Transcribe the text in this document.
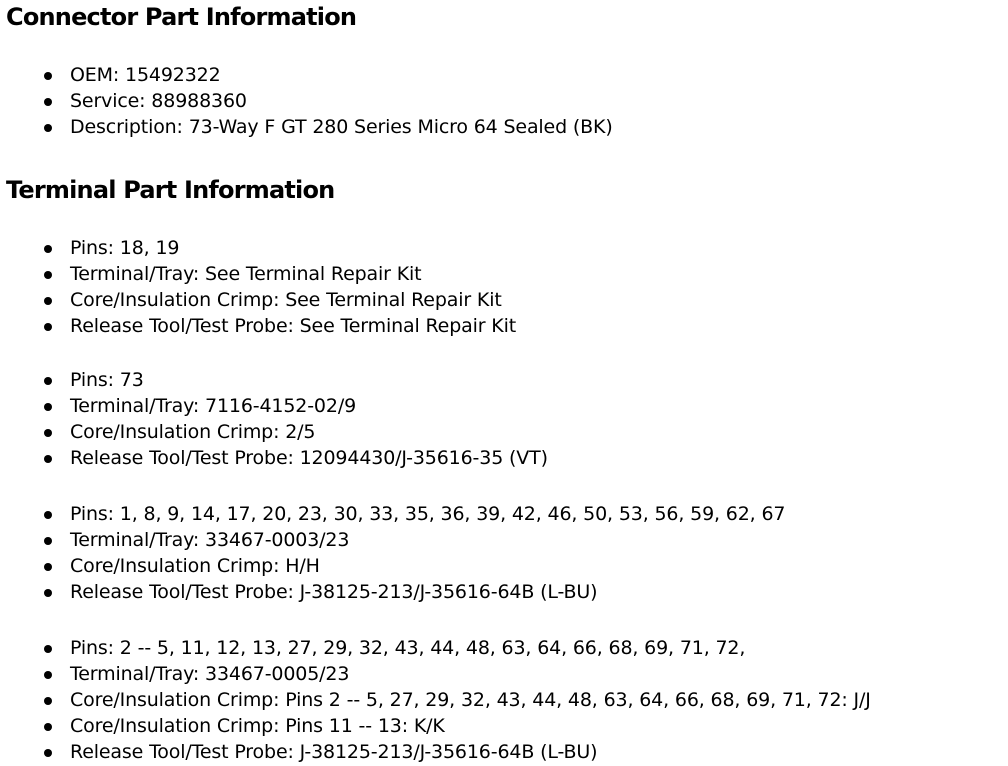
Connector Part Information
OEM: 15492322
Service: 88988360
Description: 73-Way F GT 280 Series Micro 64 Sealed (BK)
Terminal Part Information
Pins: 18, 19
Terminal/Tray: See Terminal Repair Kit
Core/Insulation Crimp: See Terminal Repair Kit
Release Tool/Test Probe: See Terminal Repair Kit
Pins: 73
Terminal/Tray: 7116-4152-02/9
Core/Insulation Crimp: 2/5
Release Tool/Test Probe: 12094430/J-35616-35 (VT)
Pins: 1, 8, 9, 14, 17, 20, 23, 30, 33, 35, 36, 39, 42, 46, 50, 53, 56, 59, 62, 67
Terminal/Tray: 33467-0003/23
Core/Insulation Crimp: H/H
Release Tool/Test Probe: J-38125-213/J-35616-64B (L-BU)
Pins: 2 -- 5, 11, 12, 13, 27, 29, 32, 43, 44, 48, 63, 64, 66, 68, 69, 71, 72,
Terminal/Tray: 33467-0005/23
Core/Insulation Crimp: Pins 2 -- 5, 27, 29, 32, 43, 44, 48, 63, 64, 66, 68, 69, 71, 72: J/J
Core/Insulation Crimp: Pins 11 -- 13: K/K
Release Tool/Test Probe: J-38125-213/J-35616-64B (L-BU)
